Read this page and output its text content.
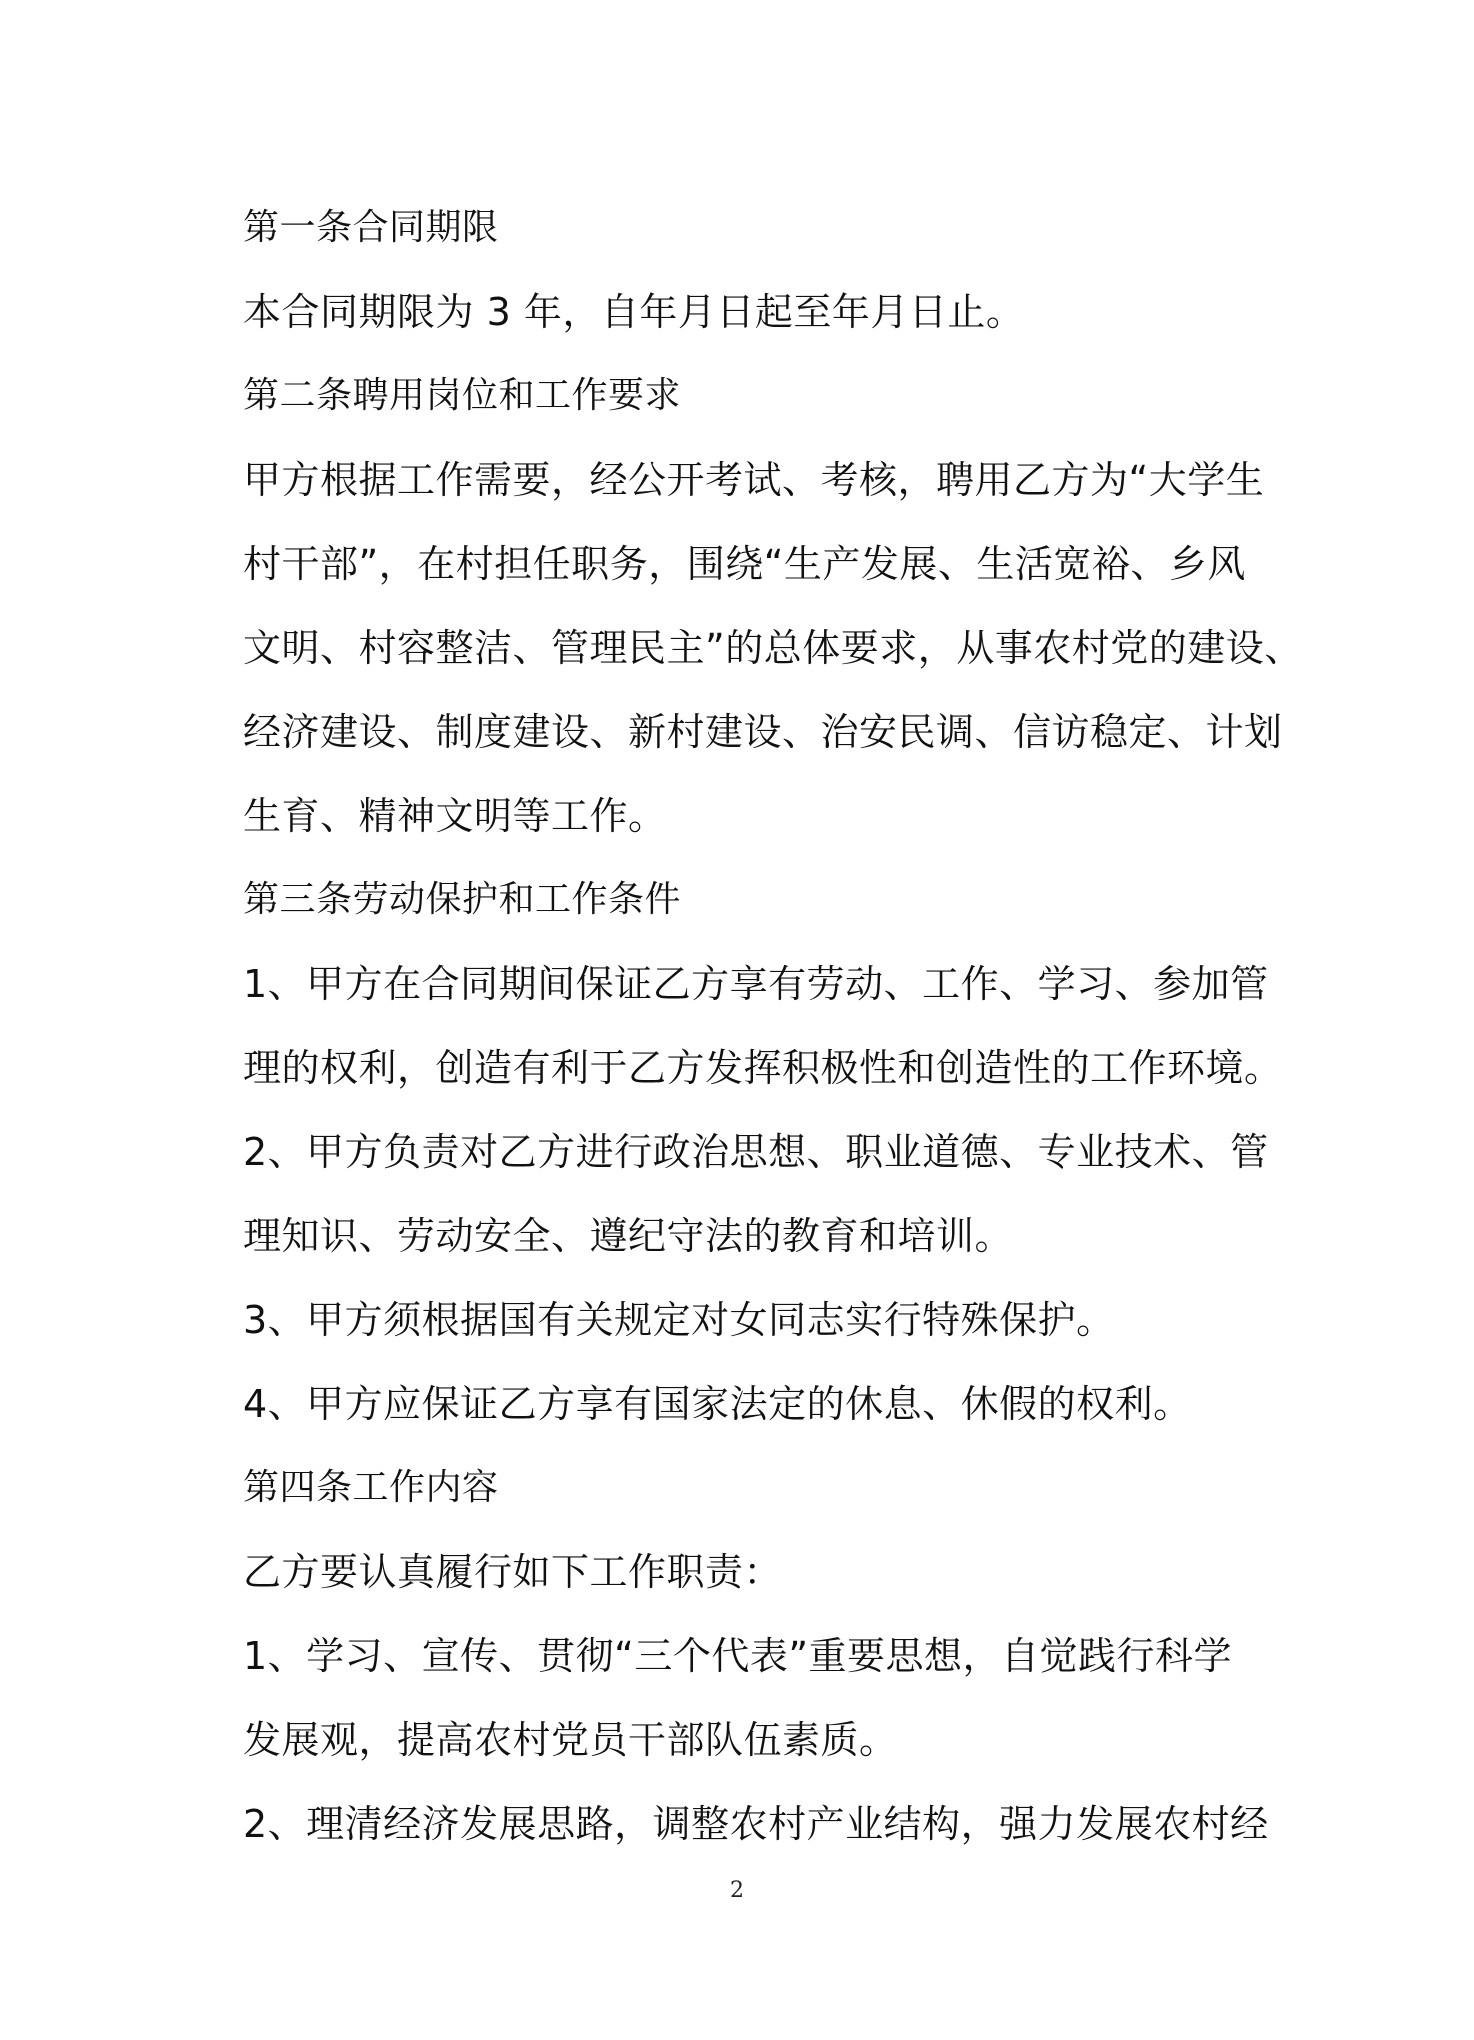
第一条合同期限
本合同期限为 3 年，自年月日起至年月日止。
第二条聘用岗位和工作要求
甲方根据工作需要，经公开考试、考核，聘用乙方为“大学生
村干部”，在村担任职务，围绕“生产发展、生活宽裕、乡风
文明、村容整洁、管理民主”的总体要求，从事农村党的建设、
经济建设、制度建设、新村建设、治安民调、信访稳定、计划
生育、精神文明等工作。
第三条劳动保护和工作条件
1、甲方在合同期间保证乙方享有劳动、工作、学习、参加管
理的权利，创造有利于乙方发挥积极性和创造性的工作环境。
2、甲方负责对乙方进行政治思想、职业道德、专业技术、管
理知识、劳动安全、遵纪守法的教育和培训。
3、甲方须根据国有关规定对女同志实行特殊保护。
4、甲方应保证乙方享有国家法定的休息、休假的权利。
第四条工作内容
乙方要认真履行如下工作职责：
1、学习、宣传、贯彻“三个代表”重要思想，自觉践行科学
发展观，提高农村党员干部队伍素质。
2、理清经济发展思路，调整农村产业结构，强力发展农村经
2
